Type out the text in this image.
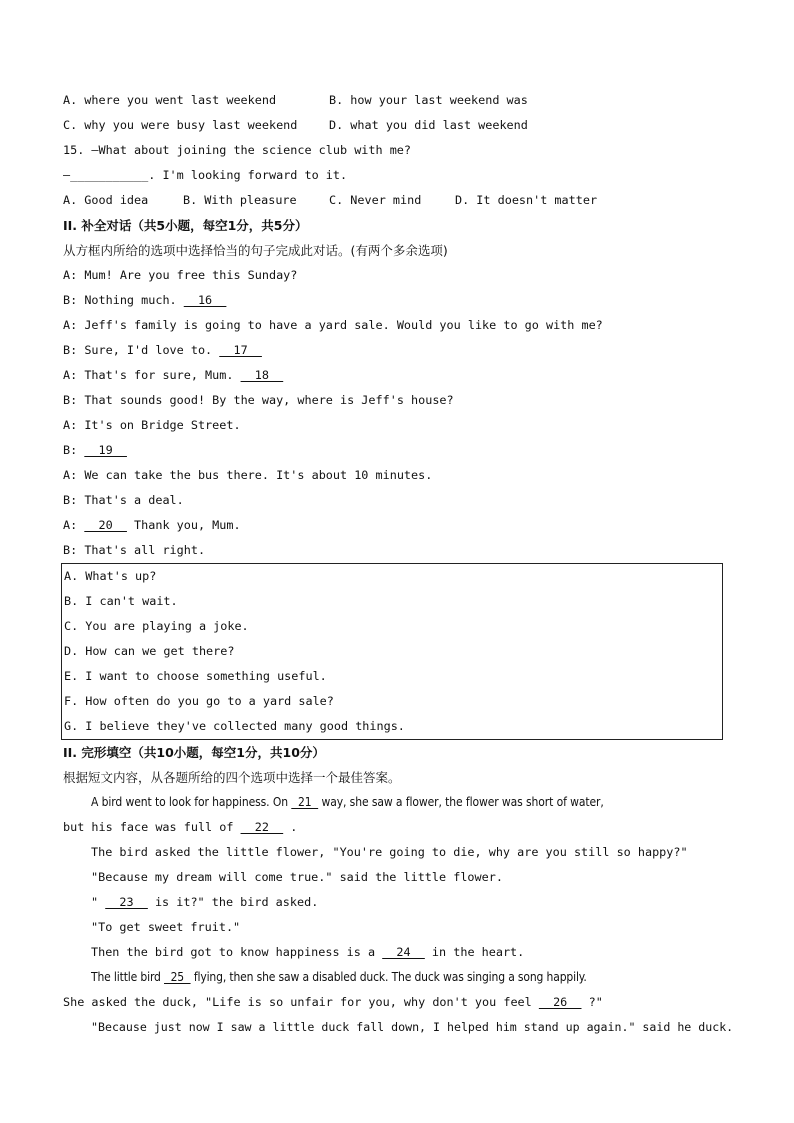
A. where you went last weekend	B. how your last weekend was
C. why you were busy last weekend	D. what you did last weekend
15. —What about joining the science club with me?
—___________. I'm looking forward to it.
A. Good idea	B. With pleasure	C. Never mind	D. It doesn't matter
II. 补全对话（共5小题，每空1分，共5分）
从方框内所给的选项中选择恰当的句子完成此对话。(有两个多余选项)
A: Mum! Are you free this Sunday?
B: Nothing much.   16
A: Jeff's family is going to have a yard sale. Would you like to go with me?
B: Sure, I'd love to.   17
A: That's for sure, Mum.   18
B: That sounds good! By the way, where is Jeff's house?
A: It's on Bridge Street.
B:   19
A: We can take the bus there. It's about 10 minutes.
B: That's a deal.
A:   20   Thank you, Mum.
B: That's all right.
A. What's up?
B. I can't wait.
C. You are playing a joke.
D. How can we get there?
E. I want to choose something useful.
F. How often do you go to a yard sale?
G. I believe they've collected many good things.
II. 完形填空（共10小题，每空1分，共10分）
根据短文内容，从各题所给的四个选项中选择一个最佳答案。
A bird went to look for happiness. On   21   way, she saw a flower, the flower was short of water,
but his face was full of   22   .
The bird asked the little flower, "You're going to die, why are you still so happy?"
"Because my dream will come true." said the little flower.
"   23   is it?" the bird asked.
"To get sweet fruit."
Then the bird got to know happiness is a   24   in the heart.
The little bird   25   flying, then she saw a disabled duck. The duck was singing a song happily.
She asked the duck, "Life is so unfair for you, why don't you feel   26   ?"
"Because just now I saw a little duck fall down, I helped him stand up again." said he duck.
